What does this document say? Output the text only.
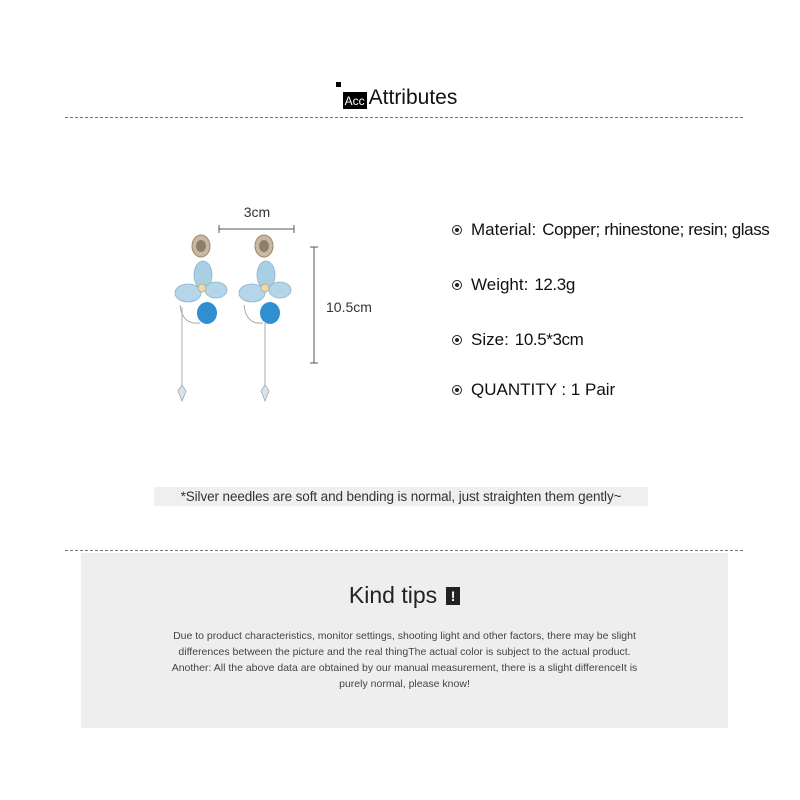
Acc Attributes
3cm
10.5cm
Material: Copper; rhinestone; resin; glass
Weight: 12.3g
Size: 10.5*3cm
QUANTITY : 1 Pair
*Silver needles are soft and bending is normal, just straighten them gently~
Kind tips !
Due to product characteristics, monitor settings, shooting light and other factors, there may be slight
differences between the picture and the real thingThe actual color is subject to the actual product.
Another: All the above data are obtained by our manual measurement, there is a slight differenceIt is
purely normal, please know!
